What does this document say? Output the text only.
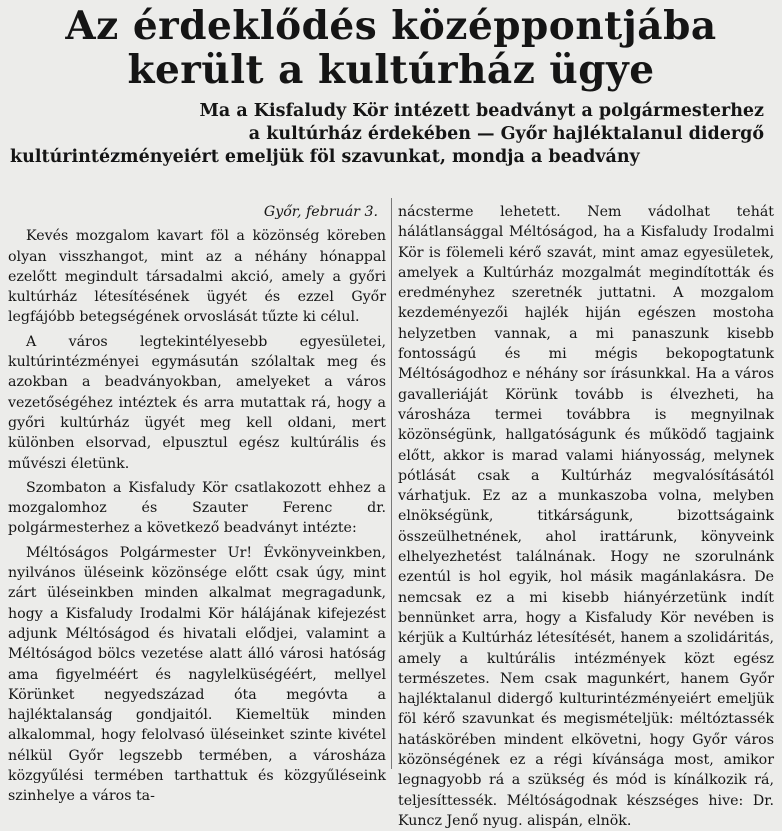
Az érdeklődés középpontjába
került a kultúrház ügye
Ma a Kisfaludy Kör intézett beadványt a polgármesterhez
a kultúrház érdekében — Győr hajléktalanul didergő
kultúrintézményeiért emeljük föl szavunkat, mondja a beadvány
Győr, február 3.

Kevés mozgalom kavart föl a közönség köreben olyan visszhangot, mint az a néhány hónappal ezelőtt megindult társadalmi akció, amely a győri kultúrház létesítésének ügyét és ezzel Győr legfájóbb betegségének orvoslását tűzte ki célul.

A város legtekintélyesebb egyesületei, kultúrintézményei egymásután szólaltak meg és azokban a beadványokban, amelyeket a város vezetőségéhez intéztek és arra mutattak rá, hogy a győri kultúrház ügyét meg kell oldani, mert különben elsorvad, elpusztul egész kultúrális és művészi életünk.

Szombaton a Kisfaludy Kör csatlakozott ehhez a mozgalomhoz és Szauter Ferenc dr. polgármesterhez a következő beadványt intézte:

Méltóságos Polgármester Ur! Évkönyveinkben, nyilvános üléseink közönsége előtt csak úgy, mint zárt üléseinkben minden alkalmat megragadunk, hogy a Kisfaludy Irodalmi Kör hálájának kifejezést adjunk Méltóságod és hivatali elődjei, valamint a Méltóságod bölcs vezetése alatt álló városi hatóság ama figyelméért és nagylelküségéért, mellyel Körünket negyedszázad óta megóvta a hajléktalanság gondjaitól. Kiemeltük minden alkalommal, hogy felolvasó üléseinket szinte kivétel nélkül Győr legszebb termében, a városháza közgyűlési termében tarthattuk és közgyűléseink szinhelye a város ta-

nácsterme lehetett. Nem vádolhat tehát hálátlansággal Méltóságod, ha a Kisfaludy Irodalmi Kör is fölemeli kérő szavát, mint amaz egyesületek, amelyek a Kultúrház mozgalmát megindították és eredményhez szeretnék juttatni. A mozgalom kezdeményezői hajlék hiján egészen mostoha helyzetben vannak, a mi panaszunk kisebb fontosságú és mi mégis bekopogtatunk Méltóságodhoz e néhány sor írásunkkal. Ha a város gavalleriáját Körünk tovább is élvezheti, ha városháza termei továbbra is megnyilnak közönségünk, hallgatóságunk és működő tagjaink előtt, akkor is marad valami hiányosság, melynek pótlását csak a Kultúrház megvalósításától várhatjuk. Ez az a munkaszoba volna, melyben elnökségünk, titkárságunk, bizottságaink összeülhetnének, ahol irattárunk, könyveink elhelyezhetést találnának. Hogy ne szorulnánk ezentúl is hol egyik, hol másik magánlakásra. De nemcsak ez a mi kisebb hiányérzetünk indít bennünket arra, hogy a Kisfaludy Kör nevében is kérjük a Kultúrház létesítését, hanem a szolidáritás, amely a kultúrális intézmények közt egész természetes. Nem csak magunkért, hanem Győr hajléktalanul didergő kulturintézményeiért emeljük föl kérő szavunkat és megismételjük: méltóztassék hatáskörében mindent elkövetni, hogy Győr város közönségének ez a régi kívánsága most, amikor legnagyobb rá a szükség és mód is kínálkozik rá, teljesíttessék. Méltóságodnak készséges hive: Dr. Kuncz Jenő nyug. alispán, elnök.
